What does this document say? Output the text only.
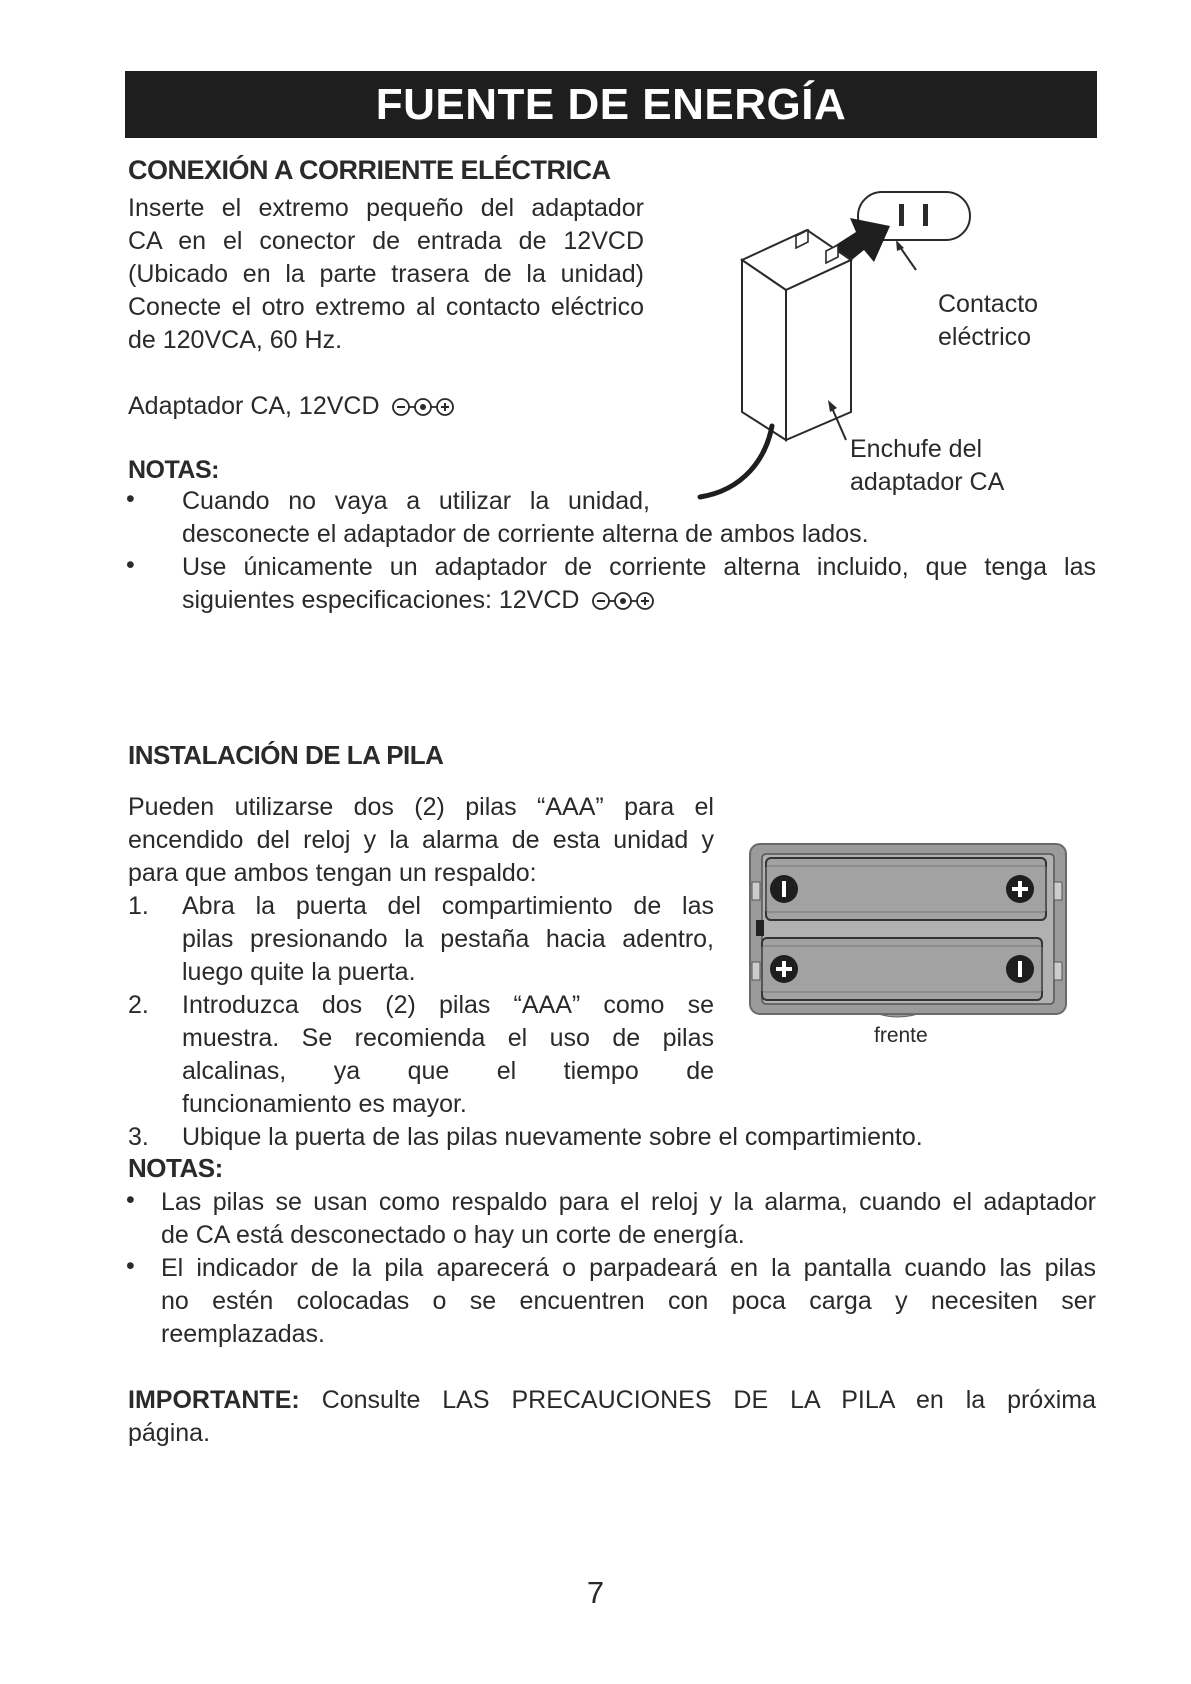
FUENTE DE ENERGÍA
CONEXIÓN A CORRIENTE ELÉCTRICA
Inserte el extremo pequeño del adaptador
CA en el conector de entrada de 12VCD
(Ubicado en la parte trasera de la unidad)
Conecte el otro extremo al contacto eléctrico
de 120VCA, 60 Hz.
Adaptador CA, 12VCD
NOTAS:
• Cuando no vaya a utilizar la unidad,
desconecte el adaptador de corriente alterna de ambos lados.
• Use únicamente un adaptador de corriente alterna incluido, que tenga las
siguientes especificaciones: 12VCD
Contacto
eléctrico
Enchufe del
adaptador CA
INSTALACIÓN DE LA PILA
Pueden utilizarse dos (2) pilas “AAA” para el
encendido del reloj y la alarma de esta unidad y
para que ambos tengan un respaldo:
1. Abra la puerta del compartimiento de las
pilas presionando la pestaña hacia adentro,
luego quite la puerta.
2. Introduzca dos (2) pilas “AAA” como se
muestra. Se recomienda el uso de pilas
alcalinas, ya que el tiempo de
funcionamiento es mayor.
3. Ubique la puerta de las pilas nuevamente sobre el compartimiento.
frente
NOTAS:
• Las pilas se usan como respaldo para el reloj y la alarma, cuando el adaptador
de CA está desconectado o hay un corte de energía.
• El indicador de la pila aparecerá o parpadeará en la pantalla cuando las pilas
no estén colocadas o se encuentren con poca carga y necesiten ser
reemplazadas.
IMPORTANTE: Consulte LAS PRECAUCIONES DE LA PILA en la próxima
página.
7
